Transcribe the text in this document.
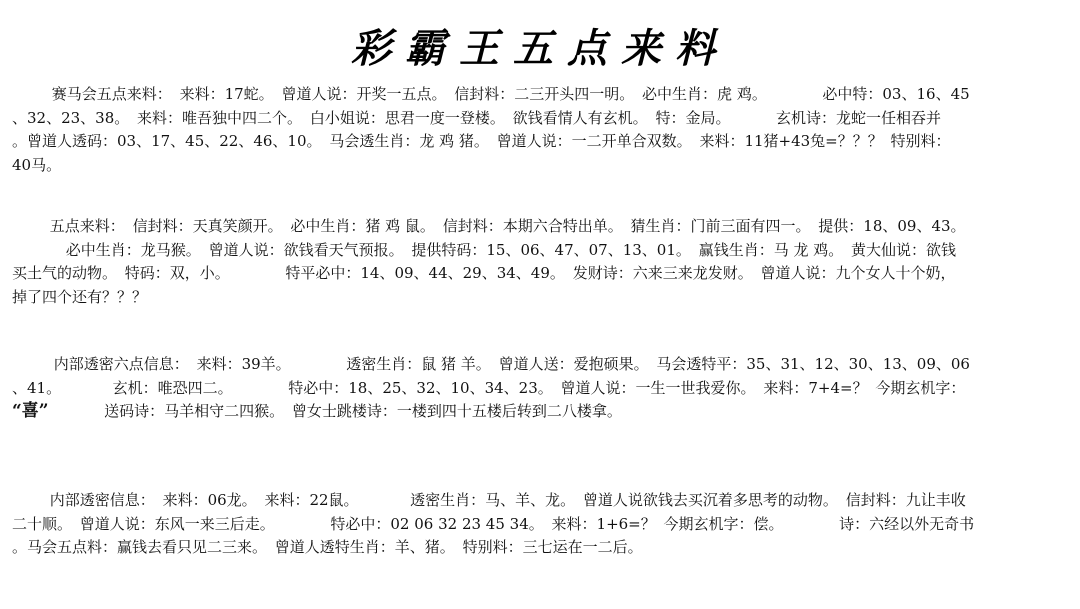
彩霸王五点来料
赛马会五点来料： 来料：17蛇。 曾道人说：开奖一五点。 信封料：二三开头四一明。 必中生肖：虎 鸡。	必中特：03、16、45
、32、23、38。 来料：唯吾独中四二个。 白小姐说：思君一度一登楼。 欲钱看情人有玄机。 特：金局。	玄机诗：龙蛇一任相吞并
。曾道人透码：03、17、45、22、46、10。 马会透生肖：龙 鸡 猪。 曾道人说：一二开单合双数。 来料：11猪+43兔=？？？ 特别料：
40马。
五点来料： 信封料：天真笑颜开。 必中生肖：猪 鸡 鼠。 信封料：本期六合特出单。 猜生肖：门前三面有四一。 提供：18、09、43。
必中生肖：龙马猴。 曾道人说：欲钱看天气预报。 提供特码：15、06、47、07、13、01。 赢钱生肖：马 龙 鸡。 黄大仙说：欲钱
买土气的动物。 特码：双，小。	特平必中：14、09、44、29、34、49。 发财诗：六来三来龙发财。 曾道人说：九个女人十个奶，
掉了四个还有？？？
内部透密六点信息： 来料：39羊。	透密生肖：鼠 猪 羊。 曾道人送：爱抱硕果。 马会透特平：35、31、12、30、13、09、06
、41。	玄机：唯恐四二。	特必中：18、25、32、10、34、23。 曾道人说：一生一世我爱你。 来料：7+4=？ 今期玄机字：
“喜”	送码诗：马羊相守二四猴。 曾女士跳楼诗：一楼到四十五楼后转到二八楼拿。
内部透密信息： 来料：06龙。 来料：22鼠。	透密生肖：马、羊、龙。 曾道人说欲钱去买沉着多思考的动物。 信封料：九让丰收
二十顺。 曾道人说：东风一来三后走。	特必中：02 06 32 23 45 34。 来料：1+6=？ 今期玄机字：偿。	诗：六经以外无奇书
。马会五点料：赢钱去看只见二三来。 曾道人透特生肖：羊、猪。 特别料：三七运在一二后。
